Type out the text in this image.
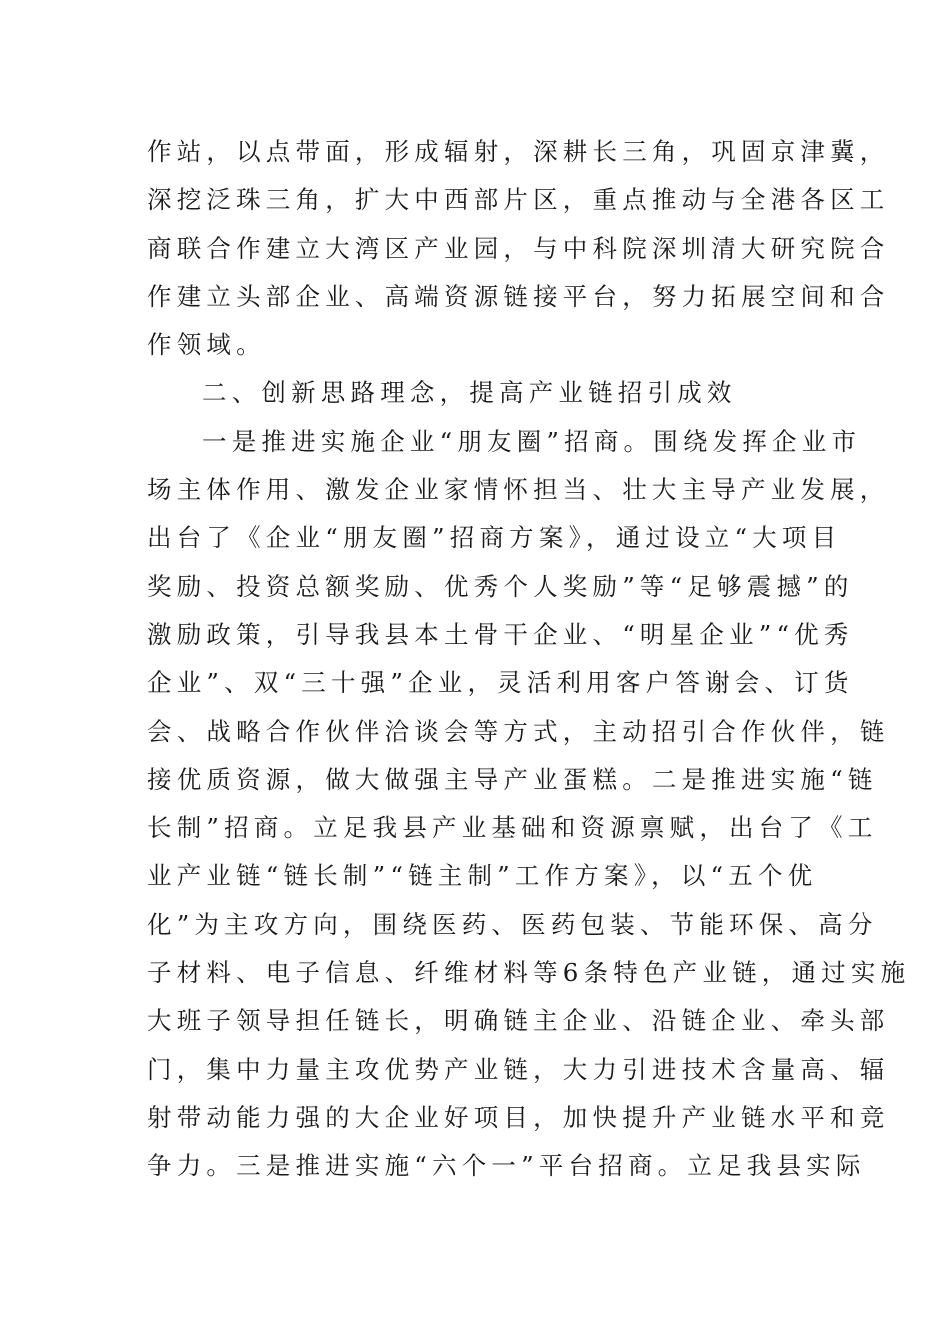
作站，以点带面，形成辐射，深耕长三角，巩固京津冀，
深挖泛珠三角，扩大中西部片区，重点推动与全港各区工
商联合作建立大湾区产业园，与中科院深圳清大研究院合
作建立头部企业、高端资源链接平台，努力拓展空间和合
作领域。
二、创新思路理念，提高产业链招引成效
一是推进实施企业“朋友圈”招商。围绕发挥企业市
场主体作用、激发企业家情怀担当、壮大主导产业发展，
出台了《企业“朋友圈”招商方案》，通过设立“大项目
奖励、投资总额奖励、优秀个人奖励”等“足够震撼”的
激励政策，引导我县本土骨干企业、“明星企业”“优秀
企业”、双“三十强”企业，灵活利用客户答谢会、订货
会、战略合作伙伴洽谈会等方式，主动招引合作伙伴，链
接优质资源，做大做强主导产业蛋糕。二是推进实施“链
长制”招商。立足我县产业基础和资源禀赋，出台了《工
业产业链“链长制”“链主制”工作方案》，以“五个优
化”为主攻方向，围绕医药、医药包装、节能环保、高分
子材料、电子信息、纤维材料等6条特色产业链，通过实施
大班子领导担任链长，明确链主企业、沿链企业、牵头部
门，集中力量主攻优势产业链，大力引进技术含量高、辐
射带动能力强的大企业好项目，加快提升产业链水平和竞
争力。三是推进实施“六个一”平台招商。立足我县实际
